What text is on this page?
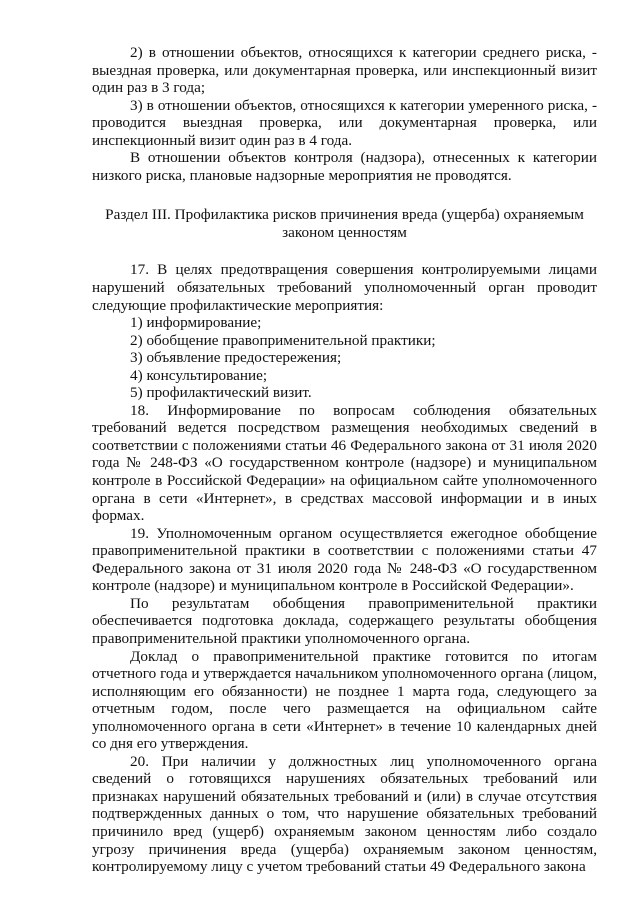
2) в отношении объектов, относящихся к категории среднего риска, - выездная проверка, или документарная проверка, или инспекционный визит один раз в 3 года;

3) в отношении объектов, относящихся к категории умеренного риска, - проводится выездная проверка, или документарная проверка, или инспекционный визит один раз в 4 года.

В отношении объектов контроля (надзора), отнесенных к категории низкого риска, плановые надзорные мероприятия не проводятся.

Раздел III. Профилактика рисков причинения вреда (ущерба) охраняемым законом ценностям

17. В целях предотвращения совершения контролируемыми лицами нарушений обязательных требований уполномоченный орган проводит следующие профилактические мероприятия:

1) информирование;

2) обобщение правоприменительной практики;

3) объявление предостережения;

4) консультирование;

5) профилактический визит.

18. Информирование по вопросам соблюдения обязательных требований ведется посредством размещения необходимых сведений в соответствии с положениями статьи 46 Федерального закона от 31 июля 2020 года № 248-ФЗ «О государственном контроле (надзоре) и муниципальном контроле в Российской Федерации» на официальном сайте уполномоченного органа в сети «Интернет», в средствах массовой информации и в иных формах.

19. Уполномоченным органом осуществляется ежегодное обобщение правоприменительной практики в соответствии с положениями статьи 47 Федерального закона от 31 июля 2020 года № 248-ФЗ «О государственном контроле (надзоре) и муниципальном контроле в Российской Федерации».

По результатам обобщения правоприменительной практики обеспечивается подготовка доклада, содержащего результаты обобщения правоприменительной практики уполномоченного органа.

Доклад о правоприменительной практике готовится по итогам отчетного года и утверждается начальником уполномоченного органа (лицом, исполняющим его обязанности) не позднее 1 марта года, следующего за отчетным годом, после чего размещается на официальном сайте уполномоченного органа в сети «Интернет» в течение 10 календарных дней со дня его утверждения.

20. При наличии у должностных лиц уполномоченного органа сведений о готовящихся нарушениях обязательных требований или признаках нарушений обязательных требований и (или) в случае отсутствия подтвержденных данных о том, что нарушение обязательных требований причинило вред (ущерб) охраняемым законом ценностям либо создало угрозу причинения вреда (ущерба) охраняемым законом ценностям, контролируемому лицу с учетом требований статьи 49 Федерального закона
